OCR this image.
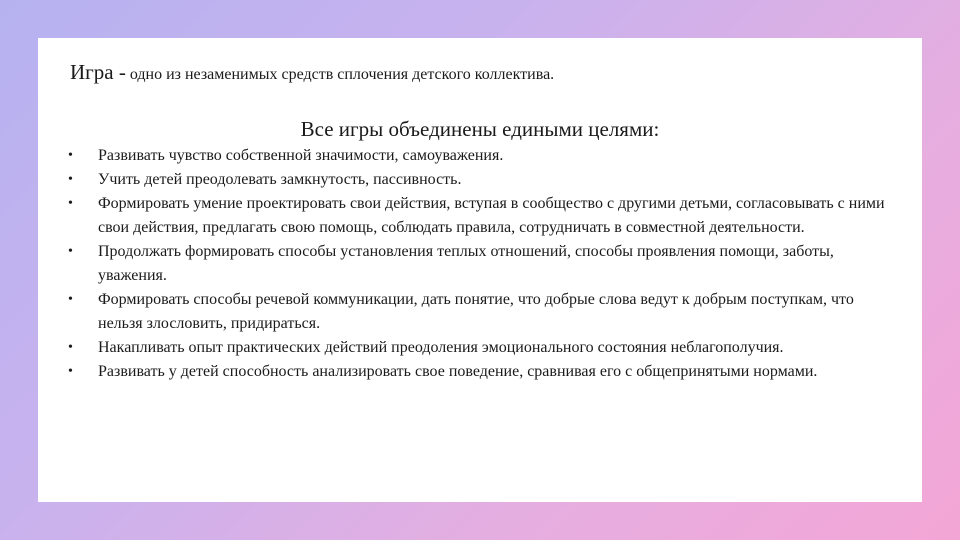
Игра - одно из незаменимых средств сплочения детского коллектива.
Все игры объединены едиными целями:
• Развивать чувство собственной значимости, самоуважения.
• Учить детей преодолевать замкнутость, пассивность.
• Формировать умение проектировать свои действия, вступая в сообщество с другими детьми, согласовывать с ними свои действия, предлагать свою помощь, соблюдать правила, сотрудничать в совместной деятельности.
• Продолжать формировать способы установления теплых отношений, способы проявления помощи, заботы, уважения.
• Формировать способы речевой коммуникации, дать понятие, что добрые слова ведут к добрым поступкам, что нельзя злословить, придираться.
• Накапливать опыт практических действий преодоления эмоционального состояния неблагополучия.
• Развивать у детей способность анализировать свое поведение, сравнивая его с общепринятыми нормами.
